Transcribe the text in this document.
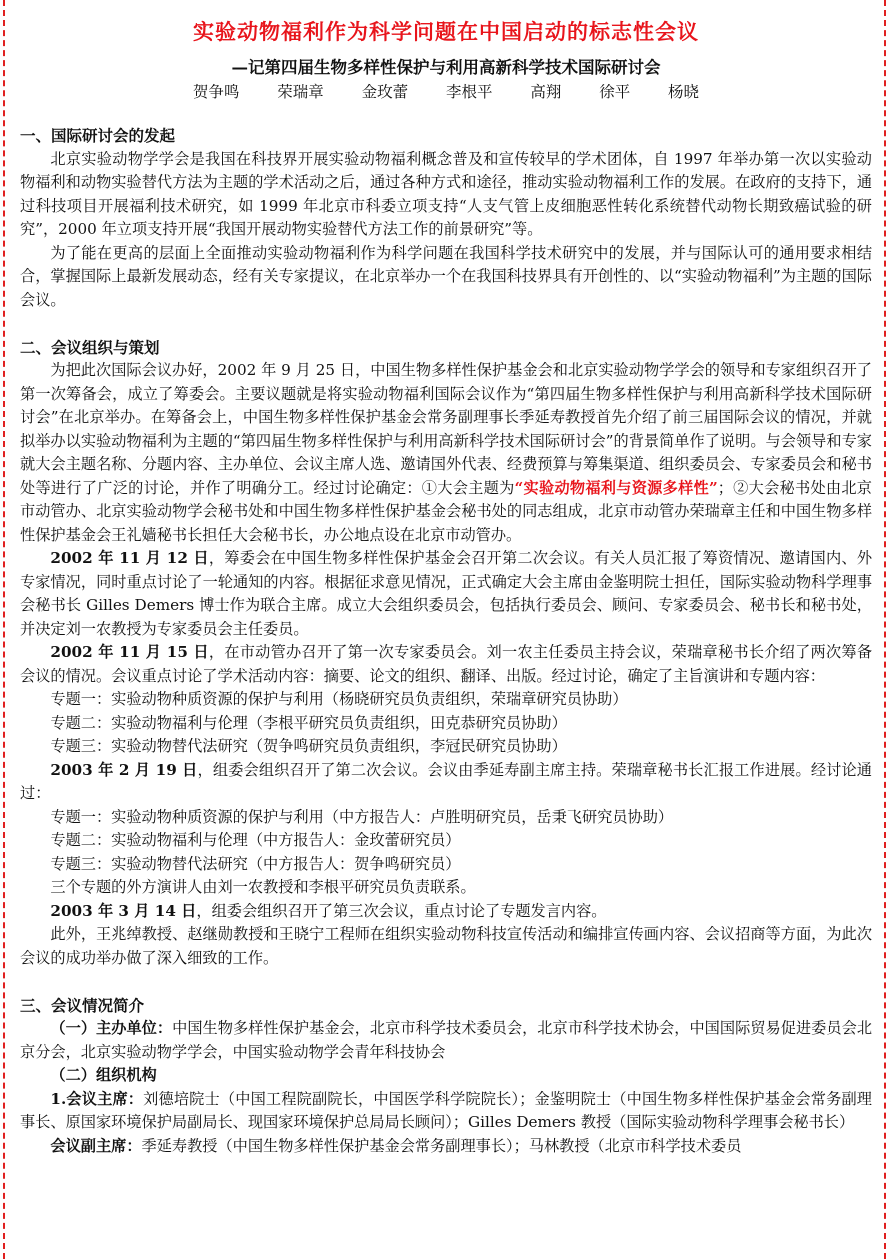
实验动物福利作为科学问题在中国启动的标志性会议
—记第四届生物多样性保护与利用高新科学技术国际研讨会
贺争鸣  荣瑞章  金玫蕾  李根平  高翔  徐平  杨晓
一、国际研讨会的发起

北京实验动物学学会是我国在科技界开展实验动物福利概念普及和宣传较早的学术团体，自 1997 年举办第一次以实验动物福利和动物实验替代方法为主题的学术活动之后，通过各种方式和途径，推动实验动物福利工作的发展。在政府的支持下，通过科技项目开展福利技术研究，如 1999 年北京市科委立项支持“人支气管上皮细胞恶性转化系统替代动物长期致癌试验的研究”，2000 年立项支持开展“我国开展动物实验替代方法工作的前景研究”等。

为了能在更高的层面上全面推动实验动物福利作为科学问题在我国科学技术研究中的发展，并与国际认可的通用要求相结合，掌握国际上最新发展动态，经有关专家提议，在北京举办一个在我国科技界具有开创性的、以“实验动物福利”为主题的国际会议。

二、会议组织与策划

为把此次国际会议办好，2002 年 9 月 25 日，中国生物多样性保护基金会和北京实验动物学学会的领导和专家组织召开了第一次筹备会，成立了筹委会。主要议题就是将实验动物福利国际会议作为“第四届生物多样性保护与利用高新科学技术国际研讨会”在北京举办。在筹备会上，中国生物多样性保护基金会常务副理事长季延寿教授首先介绍了前三届国际会议的情况，并就拟举办以实验动物福利为主题的“第四届生物多样性保护与利用高新科学技术国际研讨会”的背景简单作了说明。与会领导和专家就大会主题名称、分题内容、主办单位、会议主席人选、邀请国外代表、经费预算与筹集渠道、组织委员会、专家委员会和秘书处等进行了广泛的讨论，并作了明确分工。经过讨论确定：①大会主题为“实验动物福利与资源多样性”；②大会秘书处由北京市动管办、北京实验动物学会秘书处和中国生物多样性保护基金会秘书处的同志组成，北京市动管办荣瑞章主任和中国生物多样性保护基金会王礼嫱秘书长担任大会秘书长，办公地点设在北京市动管办。

2002 年 11 月 12 日，筹委会在中国生物多样性保护基金会召开第二次会议。有关人员汇报了筹资情况、邀请国内、外专家情况，同时重点讨论了一轮通知的内容。根据征求意见情况，正式确定大会主席由金鉴明院士担任，国际实验动物科学理事会秘书长 Gilles Demers 博士作为联合主席。成立大会组织委员会，包括执行委员会、顾问、专家委员会、秘书长和秘书处，并决定刘一农教授为专家委员会主任委员。

2002 年 11 月 15 日，在市动管办召开了第一次专家委员会。刘一农主任委员主持会议，荣瑞章秘书长介绍了两次筹备会议的情况。会议重点讨论了学术活动内容：摘要、论文的组织、翻译、出版。经过讨论，确定了主旨演讲和专题内容：

专题一：实验动物种质资源的保护与利用（杨晓研究员负责组织，荣瑞章研究员协助）

专题二：实验动物福利与伦理（李根平研究员负责组织，田克恭研究员协助）

专题三：实验动物替代法研究（贺争鸣研究员负责组织，李冠民研究员协助）

2003 年 2 月 19 日，组委会组织召开了第二次会议。会议由季延寿副主席主持。荣瑞章秘书长汇报工作进展。经讨论通过：

专题一：实验动物种质资源的保护与利用（中方报告人：卢胜明研究员，岳秉飞研究员协助）

专题二：实验动物福利与伦理（中方报告人：金玫蕾研究员）

专题三：实验动物替代法研究（中方报告人：贺争鸣研究员）

三个专题的外方演讲人由刘一农教授和李根平研究员负责联系。

2003 年 3 月 14 日，组委会组织召开了第三次会议，重点讨论了专题发言内容。

此外，王兆绰教授、赵继勋教授和王晓宁工程师在组织实验动物科技宣传活动和编排宣传画内容、会议招商等方面，为此次会议的成功举办做了深入细致的工作。

三、会议情况简介

（一）主办单位：中国生物多样性保护基金会，北京市科学技术委员会，北京市科学技术协会，中国国际贸易促进委员会北京分会，北京实验动物学学会，中国实验动物学会青年科技协会

（二）组织机构

1.会议主席：刘德培院士（中国工程院副院长，中国医学科学院院长）；金鉴明院士（中国生物多样性保护基金会常务副理事长、原国家环境保护局副局长、现国家环境保护总局局长顾问）；Gilles Demers 教授（国际实验动物科学理事会秘书长）

会议副主席：季延寿教授（中国生物多样性保护基金会常务副理事长）；马林教授（北京市科学技术委员
